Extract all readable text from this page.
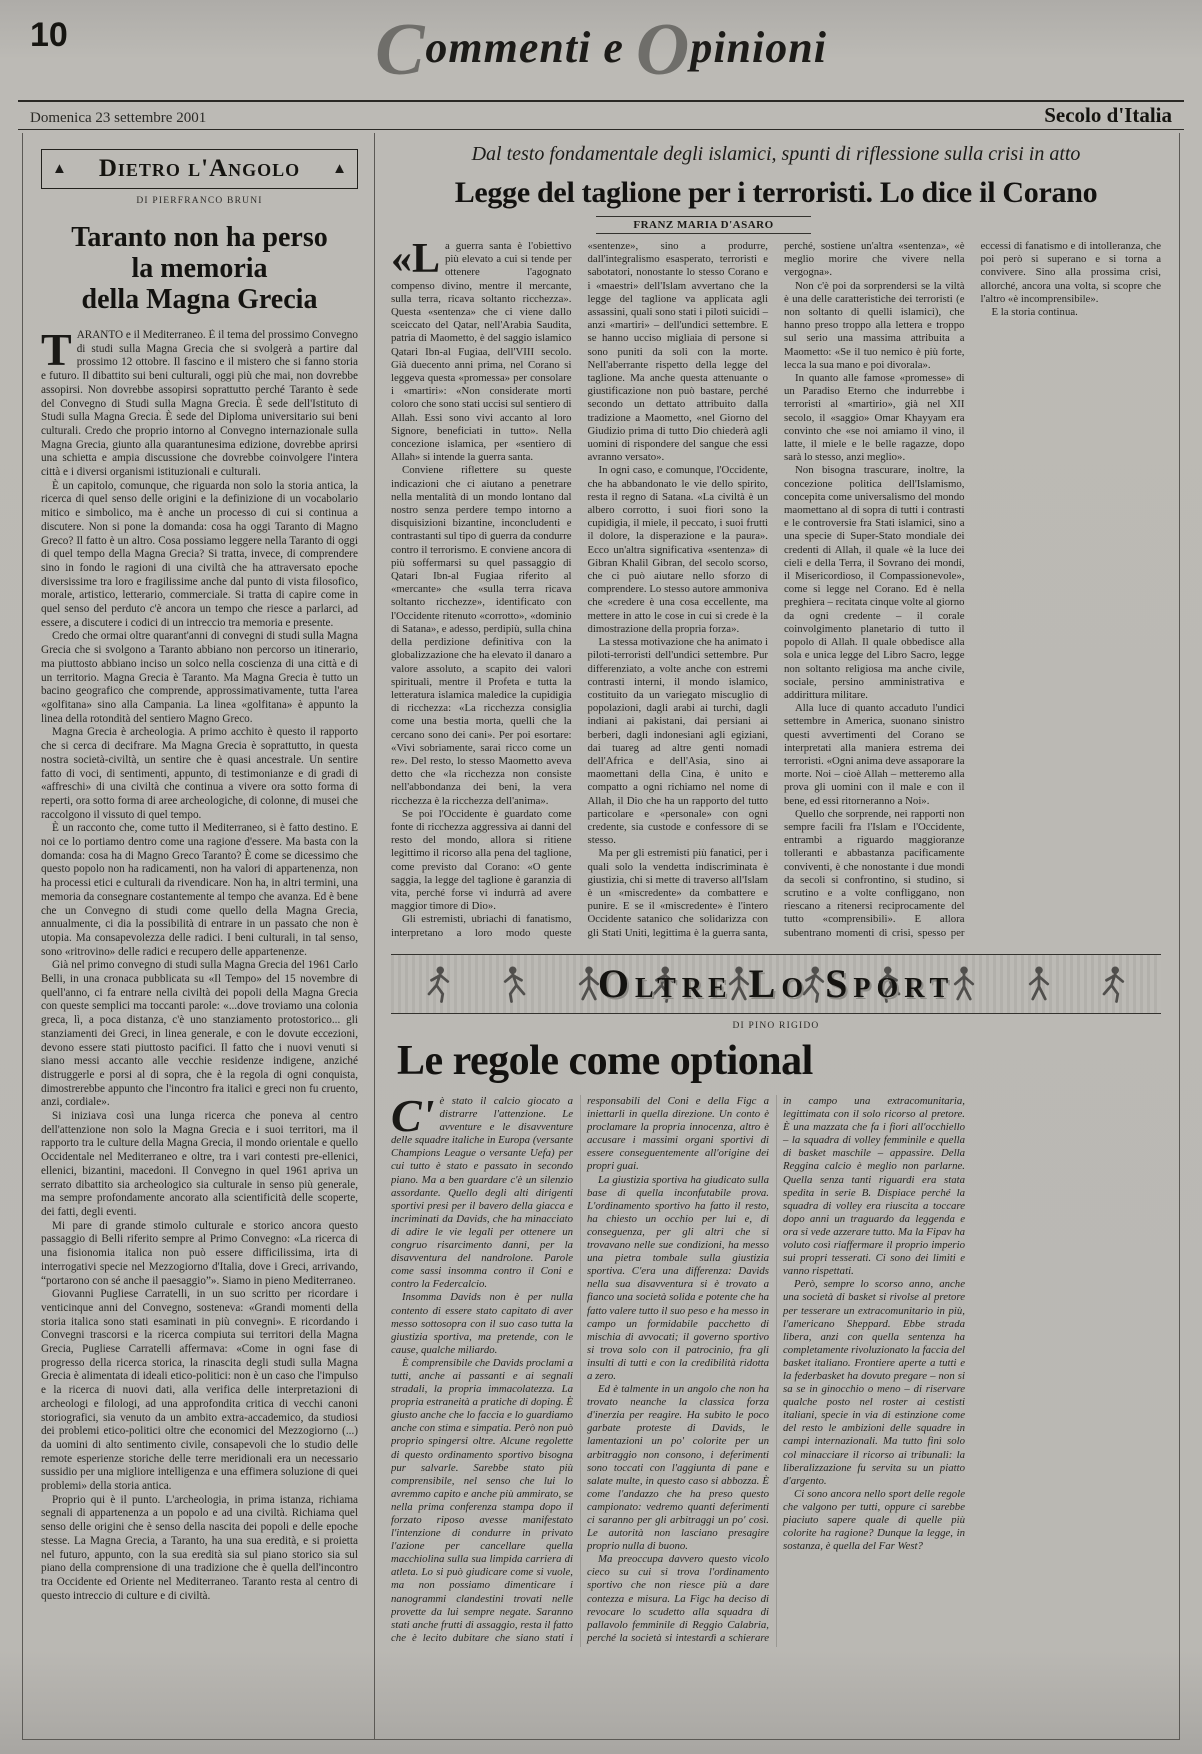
10	Commenti e Opinioni
Domenica 23 settembre 2001	Secolo d'Italia
▲ Dietro l'Angolo ▲
DI PIERFRANCO BRUNI
Taranto non ha perso
la memoria
della Magna Grecia

TARANTO e il Mediterraneo. È il tema del prossimo Convegno di studi sulla Magna Grecia che si svolgerà a partire dal prossimo 12 ottobre. Il fascino e il mistero che si fanno storia e futuro. Il dibattito sui beni culturali, oggi più che mai, non dovrebbe assopirsi. Non dovrebbe assopirsi soprattutto perché Taranto è sede del Convegno di Studi sulla Magna Grecia. È sede dell'Istituto di Studi sulla Magna Grecia. È sede del Diploma universitario sui beni culturali. Credo che proprio intorno al Convegno internazionale sulla Magna Grecia, giunto alla quarantunesima edizione, dovrebbe aprirsi una schietta e ampia discussione che dovrebbe coinvolgere l'intera città e i diversi organismi istituzionali e culturali.

È un capitolo, comunque, che riguarda non solo la storia antica, la ricerca di quel senso delle origini e la definizione di un vocabolario mitico e simbolico, ma è anche un processo di cui si continua a discutere. Non si pone la domanda: cosa ha oggi Taranto di Magno Greco? Il fatto è un altro. Cosa possiamo leggere nella Taranto di oggi di quel tempo della Magna Grecia? Si tratta, invece, di comprendere sino in fondo le ragioni di una civiltà che ha attraversato epoche diversissime tra loro e fragilissime anche dal punto di vista filosofico, morale, artistico, letterario, commerciale. Si tratta di capire come in quel senso del perduto c'è ancora un tempo che riesce a parlarci, ad essere, a discutere i codici di un intreccio tra memoria e presente.

Credo che ormai oltre quarant'anni di convegni di studi sulla Magna Grecia che si svolgono a Taranto abbiano non percorso un itinerario, ma piuttosto abbiano inciso un solco nella coscienza di una città e di un territorio. Magna Grecia è Taranto. Ma Magna Grecia è tutto un bacino geografico che comprende, approssimativamente, tutta l'area «golfitana» sino alla Campania. La linea «golfitana» è appunto la linea della rotondità del sentiero Magno Greco.

Magna Grecia è archeologia. A primo acchito è questo il rapporto che si cerca di decifrare. Ma Magna Grecia è soprattutto, in questa nostra società-civiltà, un sentire che è quasi ancestrale. Un sentire fatto di voci, di sentimenti, appunto, di testimonianze e di gradi di «affreschi» di una civiltà che continua a vivere ora sotto forma di reperti, ora sotto forma di aree archeologiche, di colonne, di musei che raccolgono il vissuto di quel tempo.

È un racconto che, come tutto il Mediterraneo, si è fatto destino. E noi ce lo portiamo dentro come una ragione d'essere. Ma basta con la domanda: cosa ha di Magno Greco Taranto? È come se dicessimo che questo popolo non ha radicamenti, non ha valori di appartenenza, non ha processi etici e culturali da rivendicare. Non ha, in altri termini, una memoria da consegnare costantemente al tempo che avanza. Ed è bene che un Convegno di studi come quello della Magna Grecia, annualmente, ci dia la possibilità di entrare in un passato che non è utopia. Ma consapevolezza delle radici. I beni culturali, in tal senso, sono «ritrovino» delle radici e recupero delle appartenenze.

Già nel primo convegno di studi sulla Magna Grecia del 1961 Carlo Belli, in una cronaca pubblicata su «Il Tempo» del 15 novembre di quell'anno, ci fa entrare nella civiltà dei popoli della Magna Grecia con queste semplici ma toccanti parole: «...dove troviamo una colonia greca, lì, a poca distanza, c'è uno stanziamento protostorico... gli stanziamenti dei Greci, in linea generale, e con le dovute eccezioni, devono essere stati piuttosto pacifici. Il fatto che i nuovi venuti si siano messi accanto alle vecchie residenze indigene, anziché distruggerle e porsi al di sopra, che è la regola di ogni conquista, dimostrerebbe appunto che l'incontro fra italici e greci non fu cruento, anzi, cordiale».

Si iniziava così una lunga ricerca che poneva al centro dell'attenzione non solo la Magna Grecia e i suoi territori, ma il rapporto tra le culture della Magna Grecia, il mondo orientale e quello Occidentale nel Mediterraneo e oltre, tra i vari contesti pre-ellenici, ellenici, bizantini, macedoni. Il Convegno in quel 1961 apriva un serrato dibattito sia archeologico sia culturale in senso più generale, ma sempre profondamente ancorato alla scientificità delle scoperte, dei fatti, degli eventi.

Mi pare di grande stimolo culturale e storico ancora questo passaggio di Belli riferito sempre al Primo Convegno: «La ricerca di una fisionomia italica non può essere difficilissima, irta di interrogativi specie nel Mezzogiorno d'Italia, dove i Greci, arrivando, “portarono con sé anche il paesaggio”». Siamo in pieno Mediterraneo.

Giovanni Pugliese Carratelli, in un suo scritto per ricordare i venticinque anni del Convegno, sosteneva: «Grandi momenti della storia italica sono stati esaminati in più convegni». E ricordando i Convegni trascorsi e la ricerca compiuta sui territori della Magna Grecia, Pugliese Carratelli affermava: «Come in ogni fase di progresso della ricerca storica, la rinascita degli studi sulla Magna Grecia è alimentata di ideali etico-politici: non è un caso che l'impulso e la ricerca di nuovi dati, alla verifica delle interpretazioni di archeologi e filologi, ad una approfondita critica di vecchi canoni storiografici, sia venuto da un ambito extra-accademico, da studiosi dei problemi etico-politici oltre che economici del Mezzogiorno (...) da uomini di alto sentimento civile, consapevoli che lo studio delle remote esperienze storiche delle terre meridionali era un necessario sussidio per una migliore intelligenza e una effimera soluzione di quei problemi» della storia antica.

Proprio qui è il punto. L'archeologia, in prima istanza, richiama segnali di appartenenza a un popolo e ad una civiltà. Richiama quel senso delle origini che è senso della nascita dei popoli e delle epoche stesse. La Magna Grecia, a Taranto, ha una sua eredità, e si proietta nel futuro, appunto, con la sua eredità sia sul piano storico sia sul piano della comprensione di una tradizione che è quella dell'incontro tra Occidente ed Oriente nel Mediterraneo. Taranto resta al centro di questo intreccio di culture e di civiltà.

Dal testo fondamentale degli islamici, spunti di riflessione sulla crisi in atto
Legge del taglione per i terroristi. Lo dice il Corano
FRANZ MARIA D'ASARO

«La guerra santa è l'obiettivo più elevato a cui si tende per ottenere l'agognato compenso divino, mentre il mercante, sulla terra, ricava soltanto ricchezza». Questa «sentenza» che ci viene dallo sceiccato del Qatar, nell'Arabia Saudita, patria di Maometto, è del saggio islamico Qatari Ibn-al Fugiaa, dell'VIII secolo. Già duecento anni prima, nel Corano si leggeva questa «promessa» per consolare i «martiri»: «Non considerate morti coloro che sono stati uccisi sul sentiero di Allah. Essi sono vivi accanto al loro Signore, beneficiati in tutto». Nella concezione islamica, per «sentiero di Allah» si intende la guerra santa.

Conviene riflettere su queste indicazioni che ci aiutano a penetrare nella mentalità di un mondo lontano dal nostro senza perdere tempo intorno a disquisizioni bizantine, inconcludenti e contrastanti sul tipo di guerra da condurre contro il terrorismo. E conviene ancora di più soffermarsi su quel passaggio di Qatari Ibn-al Fugiaa riferito al «mercante» che «sulla terra ricava soltanto ricchezze», identificato con l'Occidente ritenuto «corrotto», «dominio di Satana», e adesso, perdipiù, sulla china della perdizione definitiva con la globalizzazione che ha elevato il danaro a valore assoluto, a scapito dei valori spirituali, mentre il Profeta e tutta la letteratura islamica maledice la cupidigia di ricchezza: «La ricchezza consiglia come una bestia morta, quelli che la cercano sono dei cani». Per poi esortare: «Vivi sobriamente, sarai ricco come un re». Del resto, lo stesso Maometto aveva detto che «la ricchezza non consiste nell'abbondanza dei beni, la vera ricchezza è la ricchezza dell'anima».

Se poi l'Occidente è guardato come fonte di ricchezza aggressiva ai danni del resto del mondo, allora si ritiene legittimo il ricorso alla pena del taglione, come previsto dal Corano: «O gente saggia, la legge del taglione è garanzia di vita, perché forse vi indurrà ad avere maggior timore di Dio».

Gli estremisti, ubriachi di fanatismo, interpretano a loro modo queste «sentenze», sino a produrre, dall'integralismo esasperato, terroristi e sabotatori, nonostante lo stesso Corano e i «maestri» dell'Islam avvertano che la legge del taglione va applicata agli assassini, quali sono stati i piloti suicidi – anzi «martiri» – dell'undici settembre. E se hanno ucciso migliaia di persone si sono puniti da soli con la morte. Nell'aberrante rispetto della legge del taglione. Ma anche questa attenuante o giustificazione non può bastare, perché secondo un dettato attribuito dalla tradizione a Maometto, «nel Giorno del Giudizio prima di tutto Dio chiederà agli uomini di rispondere del sangue che essi avranno versato».

In ogni caso, e comunque, l'Occidente, che ha abbandonato le vie dello spirito, resta il regno di Satana. «La civiltà è un albero corrotto, i suoi fiori sono la cupidigia, il miele, il peccato, i suoi frutti il dolore, la disperazione e la paura». Ecco un'altra significativa «sentenza» di Gibran Khalil Gibran, del secolo scorso, che ci può aiutare nello sforzo di comprendere. Lo stesso autore ammoniva che «credere è una cosa eccellente, ma mettere in atto le cose in cui si crede è la dimostrazione della propria forza».

La stessa motivazione che ha animato i piloti-terroristi dell'undici settembre. Pur differenziato, a volte anche con estremi contrasti interni, il mondo islamico, costituito da un variegato miscuglio di popolazioni, dagli arabi ai turchi, dagli indiani ai pakistani, dai persiani ai berberi, dagli indonesiani agli egiziani, dai tuareg ad altre genti nomadi dell'Africa e dell'Asia, sino ai maomettani della Cina, è unito e compatto a ogni richiamo nel nome di Allah, il Dio che ha un rapporto del tutto particolare e «personale» con ogni credente, sia custode e confessore di se stesso.

Ma per gli estremisti più fanatici, per i quali solo la vendetta indiscriminata è giustizia, chi si mette di traverso all'Islam è un «miscredente» da combattere e punire. E se il «miscredente» è l'intero Occidente satanico che solidarizza con gli Stati Uniti, legittima è la guerra santa, perché, sostiene un'altra «sentenza», «è meglio morire che vivere nella vergogna».

Non c'è poi da sorprendersi se la viltà è una delle caratteristiche dei terroristi (e non soltanto di quelli islamici), che hanno preso troppo alla lettera e troppo sul serio una massima attribuita a Maometto: «Se il tuo nemico è più forte, lecca la sua mano e poi divorala».

In quanto alle famose «promesse» di un Paradiso Eterno che indurrebbe i terroristi al «martirio», già nel XII secolo, il «saggio» Omar Khayyam era convinto che «se noi amiamo il vino, il latte, il miele e le belle ragazze, dopo sarà lo stesso, anzi meglio».

Non bisogna trascurare, inoltre, la concezione politica dell'Islamismo, concepita come universalismo del mondo maomettano al di sopra di tutti i contrasti e le controversie fra Stati islamici, sino a una specie di Super-Stato mondiale dei credenti di Allah, il quale «è la luce dei cieli e della Terra, il Sovrano dei mondi, il Misericordioso, il Compassionevole», come si legge nel Corano. Ed è nella preghiera – recitata cinque volte al giorno da ogni credente – il corale coinvolgimento planetario di tutto il popolo di Allah. Il quale obbedisce alla sola e unica legge del Libro Sacro, legge non soltanto religiosa ma anche civile, sociale, persino amministrativa e addirittura militare.

Alla luce di quanto accaduto l'undici settembre in America, suonano sinistro questi avvertimenti del Corano se interpretati alla maniera estrema dei terroristi. «Ogni anima deve assaporare la morte. Noi – cioè Allah – metteremo alla prova gli uomini con il male e con il bene, ed essi ritorneranno a Noi».

Quello che sorprende, nei rapporti non sempre facili fra l'Islam e l'Occidente, entrambi a riguardo maggioranze tolleranti e abbastanza pacificamente conviventi, è che nonostante i due mondi da secoli si confrontino, si studino, si scrutino e a volte confliggano, non riescano a ritenersi reciprocamente del tutto «comprensibili». E allora subentrano momenti di crisi, spesso per eccessi di fanatismo e di intolleranza, che poi però si superano e si torna a convivere. Sino alla prossima crisi, allorché, ancora una volta, si scopre che l'altro «è incomprensibile».

E la storia continua.

Oltre Lo Sport
DI PINO RIGIDO
Le regole come optional

C' è stato il calcio giocato a distrarre l'attenzione. Le avventure e le disavventure delle squadre italiche in Europa (versante Champions League o versante Uefa) per cui tutto è stato e passato in secondo piano. Ma a ben guardare c'è un silenzio assordante. Quello degli alti dirigenti sportivi presi per il bavero della giacca e incriminati da Davids, che ha minacciato di adire le vie legali per ottenere un congruo risarcimento danni, per la disavventura del nandrolone. Parole come sassi insomma contro il Coni e contro la Federcalcio.

Insomma Davids non è per nulla contento di essere stato capitato di aver messo sottosopra con il suo caso tutta la giustizia sportiva, ma pretende, con le cause, qualche miliardo.

È comprensibile che Davids proclami a tutti, anche ai passanti e ai segnali stradali, la propria immacolatezza. La propria estraneità a pratiche di doping. È giusto anche che lo faccia e lo guardiamo anche con stima e simpatia. Però non può proprio spingersi oltre. Alcune regolette di questo ordinamento sportivo bisogna pur salvarle. Sarebbe stato più comprensibile, nel senso che lui lo avremmo capito e anche più ammirato, se nella prima conferenza stampa dopo il forzato riposo avesse manifestato l'intenzione di condurre in privato l'azione per cancellare quella macchiolina sulla sua limpida carriera di atleta. Lo si può giudicare come si vuole, ma non possiamo dimenticare i nanogrammi clandestini trovati nelle provette da lui sempre negate. Saranno stati anche frutti di assaggio, resta il fatto che è lecito dubitare che siano stati i responsabili del Coni e della Figc a iniettarli in quella direzione. Un conto è proclamare la propria innocenza, altro è accusare i massimi organi sportivi di essere conseguentemente all'origine dei propri guai.

La giustizia sportiva ha giudicato sulla base di quella inconfutabile prova. L'ordinamento sportivo ha fatto il resto, ha chiesto un occhio per lui e, di conseguenza, per gli altri che si trovavano nelle sue condizioni, ha messo una pietra tombale sulla giustizia sportiva. C'era una differenza: Davids nella sua disavventura si è trovato a fianco una società solida e potente che ha fatto valere tutto il suo peso e ha messo in campo un formidabile pacchetto di mischia di avvocati; il governo sportivo si trova solo con il patrocinio, fra gli insulti di tutti e con la credibilità ridotta a zero.

Ed è talmente in un angolo che non ha trovato neanche la classica forza d'inerzia per reagire. Ha subìto le poco garbate proteste di Davids, le lamentazioni un po' colorite per un arbitraggio non consono, i deferimenti sono toccati con l'aggiunta di pane e salate multe, in questo caso si abbozza. È come l'andazzo che ha preso questo campionato: vedremo quanti deferimenti ci saranno per gli arbitraggi un po' così. Le autorità non lasciano presagire proprio nulla di buono.

Ma preoccupa davvero questo vicolo cieco su cui si trova l'ordinamento sportivo che non riesce più a dare contezza e misura. La Figc ha deciso di revocare lo scudetto alla squadra di pallavolo femminile di Reggio Calabria, perché la società si intestardì a schierare in campo una extracomunitaria, legittimata con il solo ricorso al pretore. È una mazzata che fa i fiori all'occhiello – la squadra di volley femminile e quella di basket maschile – appassire. Della Reggina calcio è meglio non parlarne. Quella senza tanti riguardi era stata spedita in serie B. Dispiace perché la squadra di volley era riuscita a toccare dopo anni un traguardo da leggenda e ora si vede azzerare tutto. Ma la Fipav ha voluto così riaffermare il proprio imperio sui propri tesserati. Ci sono dei limiti e vanno rispettati.

Però, sempre lo scorso anno, anche una società di basket si rivolse al pretore per tesserare un extracomunitario in più, l'americano Sheppard. Ebbe strada libera, anzi con quella sentenza ha completamente rivoluzionato la faccia del basket italiano. Frontiere aperte a tutti e la federbasket ha dovuto pregare – non si sa se in ginocchio o meno – di riservare qualche posto nel roster ai cestisti italiani, specie in via di estinzione come del resto le ambizioni delle squadre in campi internazionali. Ma tutto finì solo col minacciare il ricorso ai tribunali: la liberalizzazione fu servita su un piatto d'argento.

Ci sono ancora nello sport delle regole che valgono per tutti, oppure ci sarebbe piaciuto sapere quale di quelle più colorite ha ragione? Dunque la legge, in sostanza, è quella del Far West?
